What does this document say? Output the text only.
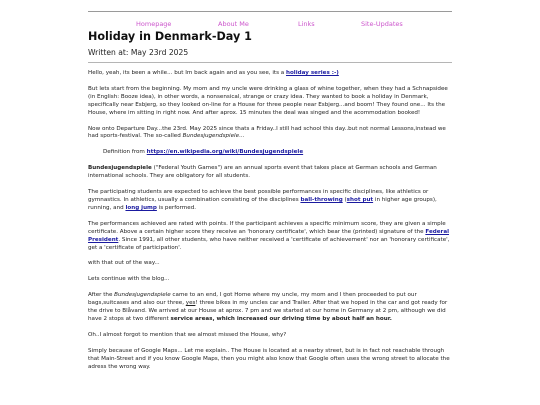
Homepage	About Me	Links	Site-Updates
Holiday in Denmark-Day 1
Written at: May 23rd 2025

Hello, yeah, its been a while... but Im back again and as you see, its a holiday series :-)

But lets start from the beginning. My mom and my uncle were drinking a glass of whine together, when they had a Schnapsidee (in English: Booze idea), in other words, a nonsensical, strange or crazy idea. They wanted to book a holiday in Denmark, specifically near Esbjerg, so they looked on-line for a House for three people near Esbjerg...and boom! They found one... Its the House, where im sitting in right now. And after aprox. 15 minutes the deal was singed and the acommodation booked!

Now onto Departure Day...the 23rd. May 2025 since thats a Friday..I still had school this day..but not normal Lessons,instead we had sports-festival. The so-called Bundesjugendspiele...

Definition from https://en.wikipedia.org/wiki/Bundesjugendspiele

Bundesjugendspiele ("Federal Youth Games") are an annual sports event that takes place at German schools and German international schools. They are obligatory for all students.

The participating students are expected to achieve the best possible performances in specific disciplines, like athletics or gymnastics. In athletics, usually a combination consisting of the disciplines ball-throwing (shot put in higher age groups), running, and long jump is performed.

The performances achieved are rated with points. If the participant achieves a specific minimum score, they are given a simple certificate. Above a certain higher score they receive an 'honorary certificate', which bear the (printed) signature of the Federal President. Since 1991, all other students, who have neither received a 'certificate of achievement' nor an 'honorary certificate', get a 'certificate of participation'.

with that out of the way...

Lets continue with the blog...

After the Bundesjugendspiele came to an end, I got Home where my uncle, my mom and I then proceeded to put our bags,suitcases and also our three, yes! three bikes in my uncles car and Trailer. After that we hoped in the car and got ready for the drive to Blåvand. We arrived at our House at aprox. 7 pm and we started at our home in Germany at 2 pm, although we did have 2 stops at two different service areas, which increased our driving time by about half an hour.

Oh..I almost forgot to mention that we almost missed the House, why?

Simply because of Google Maps... Let me explain.. The House is located at a nearby street, but is in fact not reachable through that Main-Street and if you know Google Maps, then you might also know that Google often uses the wrong street to allocate the adress the wrong way.
